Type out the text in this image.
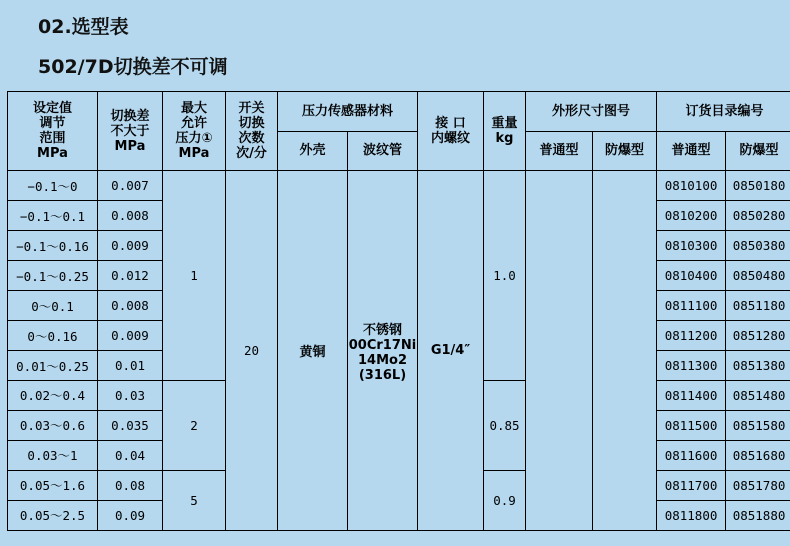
02.选型表
502/7D切换差不可调
设定值
调节
范围
MPa	切换差
不大于
MPa	最大
允许
压力①
MPa	开关
切换
次数
次/分	压力传感器材料		接 口
内螺纹	重量
kg	外形尺寸图号		订货目录编号	
				外壳	波纹管			普通型	防爆型	普通型	防爆型
−0.1～0	0.007	1	20	黄铜	不锈钢
00Cr17Ni
14Mo2
(316L)	G1/4″	1.0			0810100	0850180
−0.1～0.1	0.008									0810200	0850280
−0.1～0.16	0.009									0810300	0850380
−0.1～0.25	0.012									0810400	0850480
0～0.1	0.008									0811100	0851180
0～0.16	0.009									0811200	0851280
0.01～0.25	0.01									0811300	0851380
0.02～0.4	0.03	2					0.85			0811400	0851480
0.03～0.6	0.035									0811500	0851580
0.03～1	0.04									0811600	0851680
0.05～1.6	0.08	5					0.9			0811700	0851780
0.05～2.5	0.09									0811800	0851880
